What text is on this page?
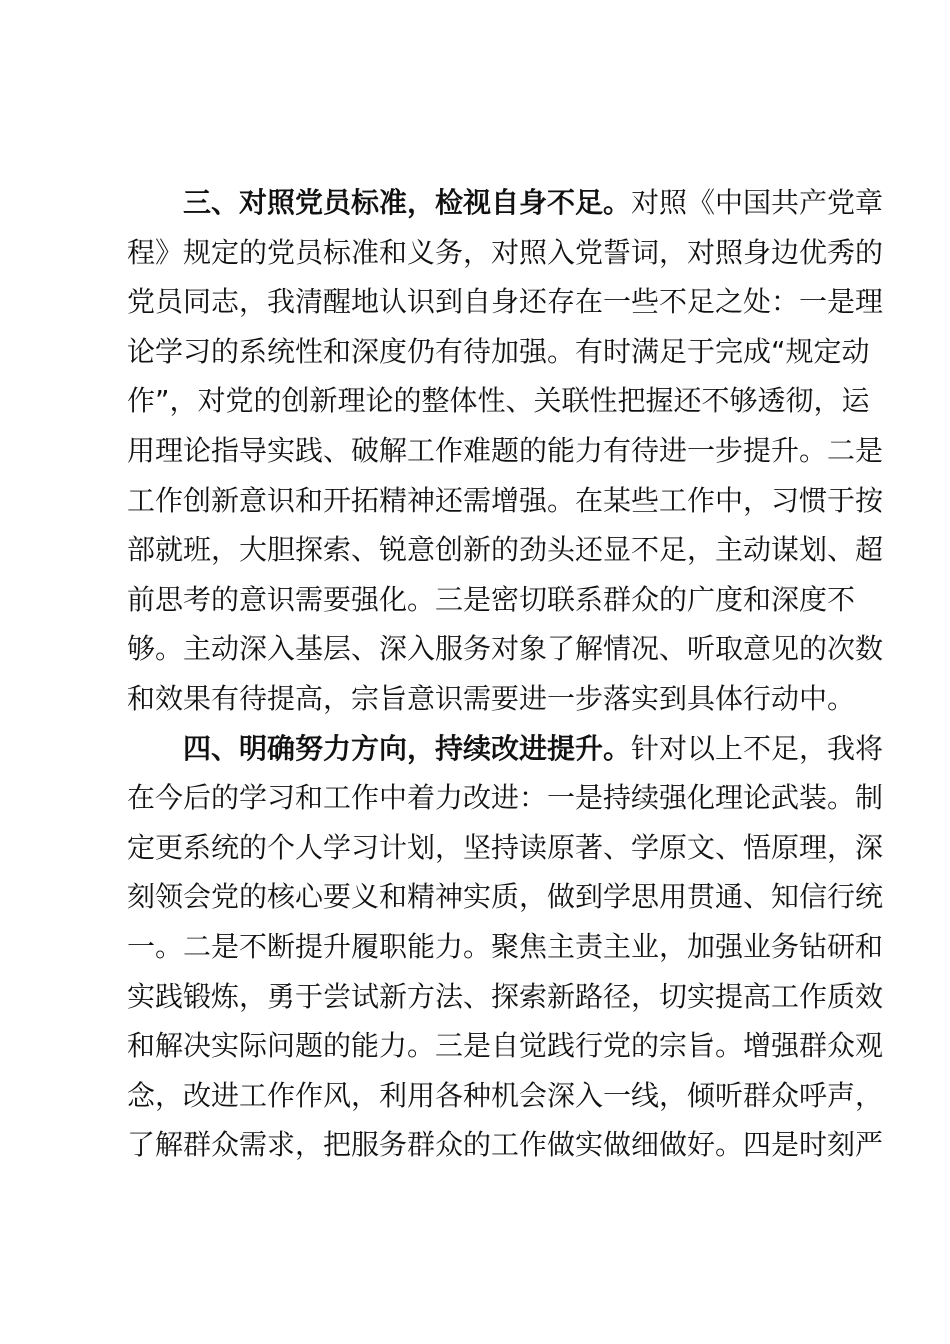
三、对照党员标准，检视自身不足。对照《中国共产党章
程》规定的党员标准和义务，对照入党誓词，对照身边优秀的
党员同志，我清醒地认识到自身还存在一些不足之处：一是理
论学习的系统性和深度仍有待加强。有时满足于完成“规定动
作”，对党的创新理论的整体性、关联性把握还不够透彻，运
用理论指导实践、破解工作难题的能力有待进一步提升。二是
工作创新意识和开拓精神还需增强。在某些工作中，习惯于按
部就班，大胆探索、锐意创新的劲头还显不足，主动谋划、超
前思考的意识需要强化。三是密切联系群众的广度和深度不
够。主动深入基层、深入服务对象了解情况、听取意见的次数
和效果有待提高，宗旨意识需要进一步落实到具体行动中。
四、明确努力方向，持续改进提升。针对以上不足，我将
在今后的学习和工作中着力改进：一是持续强化理论武装。制
定更系统的个人学习计划，坚持读原著、学原文、悟原理，深
刻领会党的核心要义和精神实质，做到学思用贯通、知信行统
一。二是不断提升履职能力。聚焦主责主业，加强业务钻研和
实践锻炼，勇于尝试新方法、探索新路径，切实提高工作质效
和解决实际问题的能力。三是自觉践行党的宗旨。增强群众观
念，改进工作作风，利用各种机会深入一线，倾听群众呼声，
了解群众需求，把服务群众的工作做实做细做好。四是时刻严
